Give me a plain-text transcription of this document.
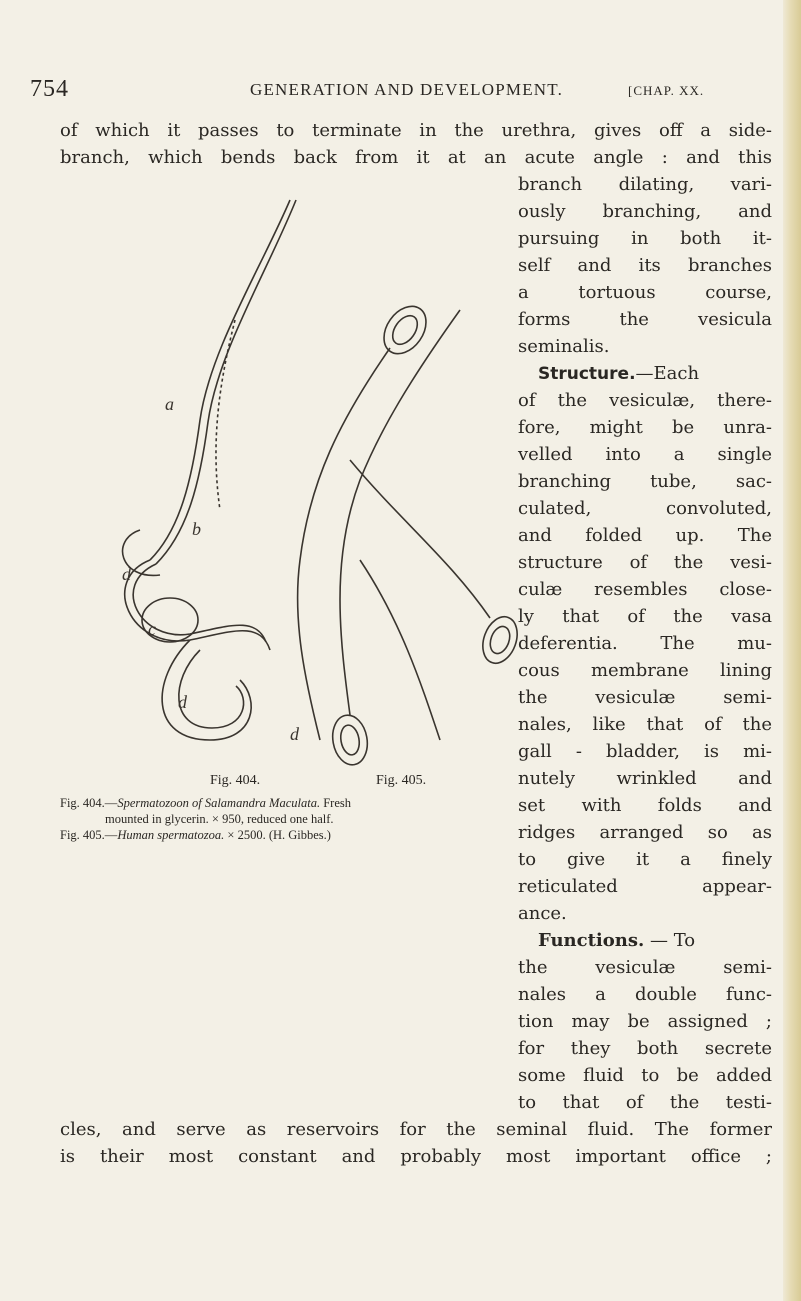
754	GENERATION AND DEVELOPMENT.	[CHAP. XX.
of which it passes to terminate in the urethra, gives off a side-
branch, which bends back from it at an acute angle : and this
branch dilating, vari-
ously branching, and
pursuing in both it-
self and its branches
a tortuous course,
forms the vesicula
seminalis.
Structure.—Each
of the vesiculæ, there-
fore, might be unra-
velled into a single
branching tube, sac-
culated, convoluted,
and folded up. The
structure of the vesi-
culæ resembles close-
ly that of the vasa
deferentia. The mu-
cous membrane lining
the vesiculæ semi-
nales, like that of the
gall - bladder, is mi-
nutely wrinkled and
set with folds and
ridges arranged so as
to give it a finely
reticulated appear-
ance.
Functions. — To
the vesiculæ semi-
nales a double func-
tion may be assigned ;
for they both secrete
some fluid to be added
to that of the testi-
cles, and serve as reservoirs for the seminal fluid. The former
is their most constant and probably most important office ;
a
b
d
c
d
d
Fig. 404.	Fig. 405.
Fig. 404.—Spermatozoon of Salamandra Maculata. Fresh
mounted in glycerin. × 950, reduced one half.
Fig. 405.—Human spermatozoa. × 2500. (H. Gibbes.)
